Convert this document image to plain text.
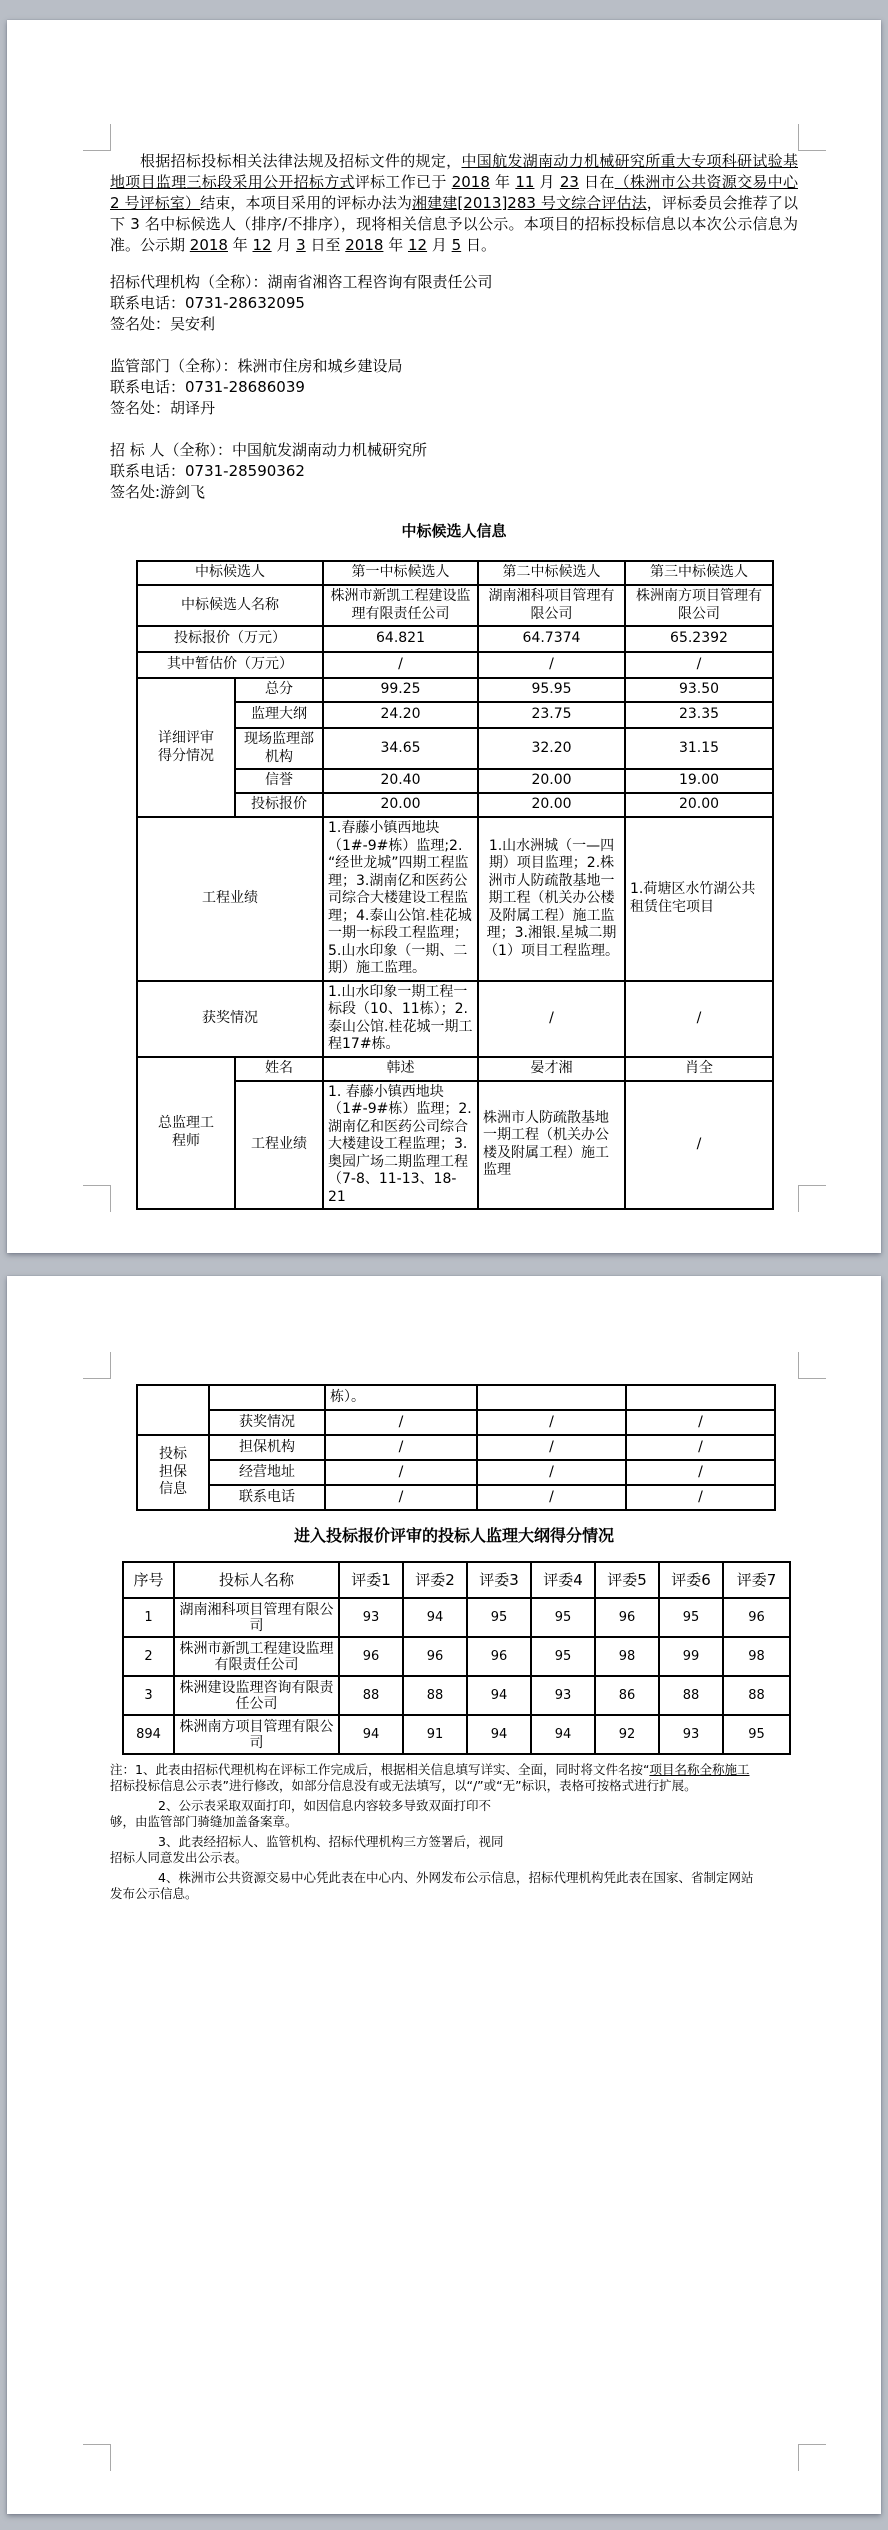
根据招标投标相关法律法规及招标文件的规定，中国航发湖南动力机械研究所重大专项科研试验基地项目监理三标段采用公开招标方式评标工作已于 2018 年 11 月 23 日在（株洲市公共资源交易中心 2 号评标室）结束，本项目采用的评标办法为湘建建[2013]283 号文综合评估法，评标委员会推荐了以下 3 名中标候选人（排序/不排序），现将相关信息予以公示。本项目的招标投标信息以本次公示信息为准。公示期 2018 年 12 月 3 日至 2018 年 12 月 5 日。

招标代理机构（全称）：湖南省湘咨工程咨询有限责任公司
联系电话：0731-28632095
签名处：吴安利
监管部门（全称）：株洲市住房和城乡建设局
联系电话：0731-28686039
签名处：胡译丹
招 标 人（全称）：中国航发湖南动力机械研究所
联系电话：0731-28590362
签名处:游剑飞
中标候选人信息
中标候选人		第一中标候选人	第二中标候选人	第三中标候选人
中标候选人名称		株洲市新凯工程建设监理有限责任公司	湖南湘科项目管理有限公司	株洲南方项目管理有限公司
投标报价（万元）		64.821	64.7374	65.2392
其中暂估价（万元）		/	/	/
详细评审得分情况	总分	99.25	95.95	93.50
	监理大纲	24.20	23.75	23.35
	现场监理部机构	34.65	32.20	31.15
	信誉	20.40	20.00	19.00
	投标报价	20.00	20.00	20.00
工程业绩		1.春藤小镇西地块（1#-9#栋）监理;2.“经世龙城”四期工程监理；3.湖南亿和医药公司综合大楼建设工程监理；4.泰山公馆.桂花城一期一标段工程监理；5.山水印象（一期、二期）施工监理。	1.山水洲城（一—四期）项目监理；2.株洲市人防疏散基地一期工程（机关办公楼及附属工程）施工监理；3.湘银.星城二期（1）项目工程监理。	1.荷塘区水竹湖公共租赁住宅项目
获奖情况		1.山水印象一期工程一标段（10、11栋）；2.泰山公馆.桂花城一期工程17#栋。	/	/
总监理工程师	姓名	韩述	晏才湘	肖全
	工程业绩	1. 春藤小镇西地块（1#-9#栋）监理；2.湖南亿和医药公司综合大楼建设工程监理；3.奥园广场二期监理工程（7-8、11-13、18-21	株洲市人防疏散基地一期工程（机关办公楼及附属工程）施工监理	/
		栋）。		
	获奖情况	/	/	/
投标担保信息	担保机构	/	/	/
	经营地址	/	/	/
	联系电话	/	/	/
进入投标报价评审的投标人监理大纲得分情况
序号	投标人名称	评委1	评委2	评委3	评委4	评委5	评委6	评委7
1	湖南湘科项目管理有限公司	93	94	95	95	96	95	96
2	株洲市新凯工程建设监理有限责任公司	96	96	96	95	98	99	98
3	株洲建设监理咨询有限责任公司	88	88	94	93	86	88	88
894	株洲南方项目管理有限公司	94	91	94	94	92	93	95
注：1、此表由招标代理机构在评标工作完成后，根据相关信息填写详实、全面，同时将文件名按“项目名称全称施工
招标投标信息公示表”进行修改，如部分信息没有或无法填写，以“/”或“无”标识，表格可按格式进行扩展。
2、公示表采取双面打印，如因信息内容较多导致双面打印不
够，由监管部门骑缝加盖备案章。
3、此表经招标人、监管机构、招标代理机构三方签署后，视同
招标人同意发出公示表。
4、株洲市公共资源交易中心凭此表在中心内、外网发布公示信息，招标代理机构凭此表在国家、省制定网站
发布公示信息。
